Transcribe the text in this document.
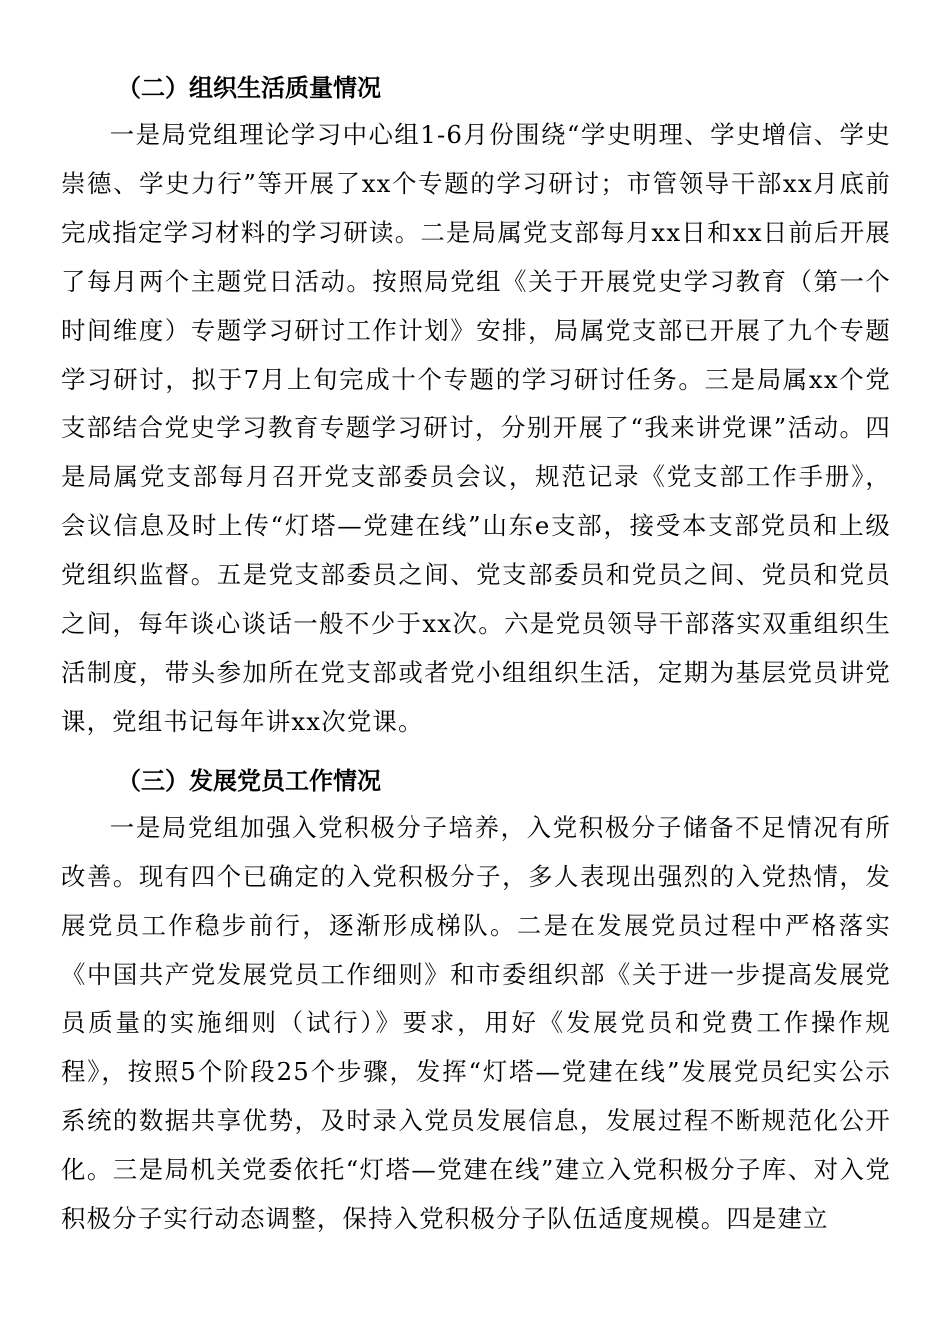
（二）组织生活质量情况

一是局党组理论学习中心组1-6月份围绕“学史明理、学史增信、学史崇德、学史力行”等开展了xx个专题的学习研讨；市管领导干部xx月底前完成指定学习材料的学习研读。二是局属党支部每月xx日和xx日前后开展了每月两个主题党日活动。按照局党组《关于开展党史学习教育（第一个时间维度）专题学习研讨工作计划》安排，局属党支部已开展了九个专题学习研讨，拟于7月上旬完成十个专题的学习研讨任务。三是局属xx个党支部结合党史学习教育专题学习研讨，分别开展了“我来讲党课”活动。四是局属党支部每月召开党支部委员会议，规范记录《党支部工作手册》，会议信息及时上传“灯塔—党建在线”山东e支部，接受本支部党员和上级党组织监督。五是党支部委员之间、党支部委员和党员之间、党员和党员之间，每年谈心谈话一般不少于xx次。六是党员领导干部落实双重组织生活制度，带头参加所在党支部或者党小组组织生活，定期为基层党员讲党课，党组书记每年讲xx次党课。

（三）发展党员工作情况

一是局党组加强入党积极分子培养，入党积极分子储备不足情况有所改善。现有四个已确定的入党积极分子，多人表现出强烈的入党热情，发展党员工作稳步前行，逐渐形成梯队。二是在发展党员过程中严格落实《中国共产党发展党员工作细则》和市委组织部《关于进一步提高发展党员质量的实施细则（试行）》要求，用好《发展党员和党费工作操作规程》，按照5个阶段25个步骤，发挥“灯塔—党建在线”发展党员纪实公示系统的数据共享优势，及时录入党员发展信息，发展过程不断规范化公开化。三是局机关党委依托“灯塔—党建在线”建立入党积极分子库、对入党积极分子实行动态调整，保持入党积极分子队伍适度规模。四是建立
